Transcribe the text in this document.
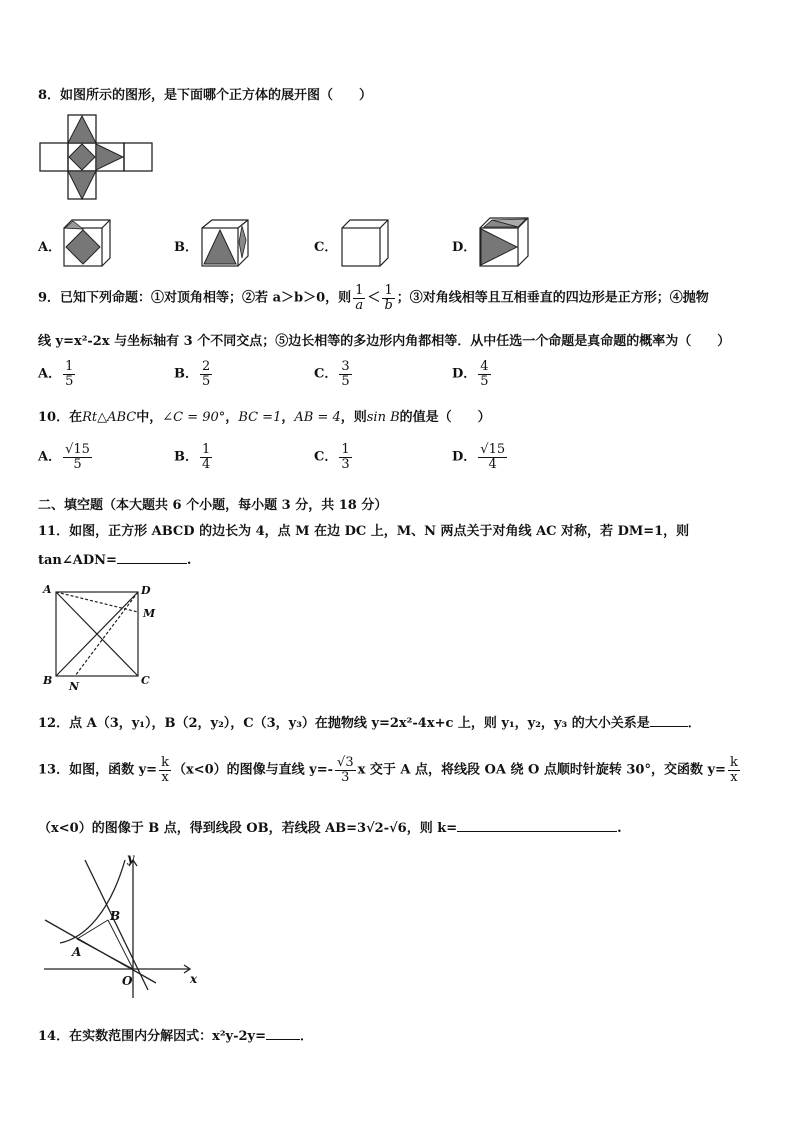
8．如图所示的图形，是下面哪个正方体的展开图（　　）
A．	B．	C．	D．
9．已知下列命题：①对顶角相等；②若 a＞b＞0，则 $\frac{1}{a} < \frac{1}{b}$ ；③对角线相等且互相垂直的四边形是正方形；④抛物
线 y=x²-2x 与坐标轴有 3 个不同交点；⑤边长相等的多边形内角都相等．从中任选一个命题是真命题的概率为（　　）
A． $\frac{1}{5}$	B． $\frac{2}{5}$	C． $\frac{3}{5}$	D． $\frac{4}{5}$
10．在Rt△ABC中，∠C = 90°，BC =1，AB = 4，则sin B的值是（　　）
A． $\frac{√15}{5}$	B． $\frac{1}{4}$	C． $\frac{1}{3}$	D． $\frac{√15}{4}$
二、填空题（本大题共 6 个小题，每小题 3 分，共 18 分）
11．如图，正方形 ABCD 的边长为 4，点 M 在边 DC 上，M、N 两点关于对角线 AC 对称，若 DM=1，则
tan∠ADN=	.
A	D
M
B N	C
12．点 A（3，y₁），B（2，y₂），C（3，y₃）在抛物线 y=2x²-4x+c 上，则 y₁，y₂，y₃ 的大小关系是	．
13．如图，函数 $y= \frac{k}{x} (x<0)$的图像与直线 $y=- \frac{√3}{3}$ x 交于 A 点，将线段 OA 绕 O 点顺时针旋转 30°，交函数 $y= \frac{k}{x}$
（x<0）的图像于 B 点，得到线段 OB，若线段 AB=3√2-√6，则 k=	.
y
x
O
A
B
14．在实数范围内分解因式：x²y-2y=	．
